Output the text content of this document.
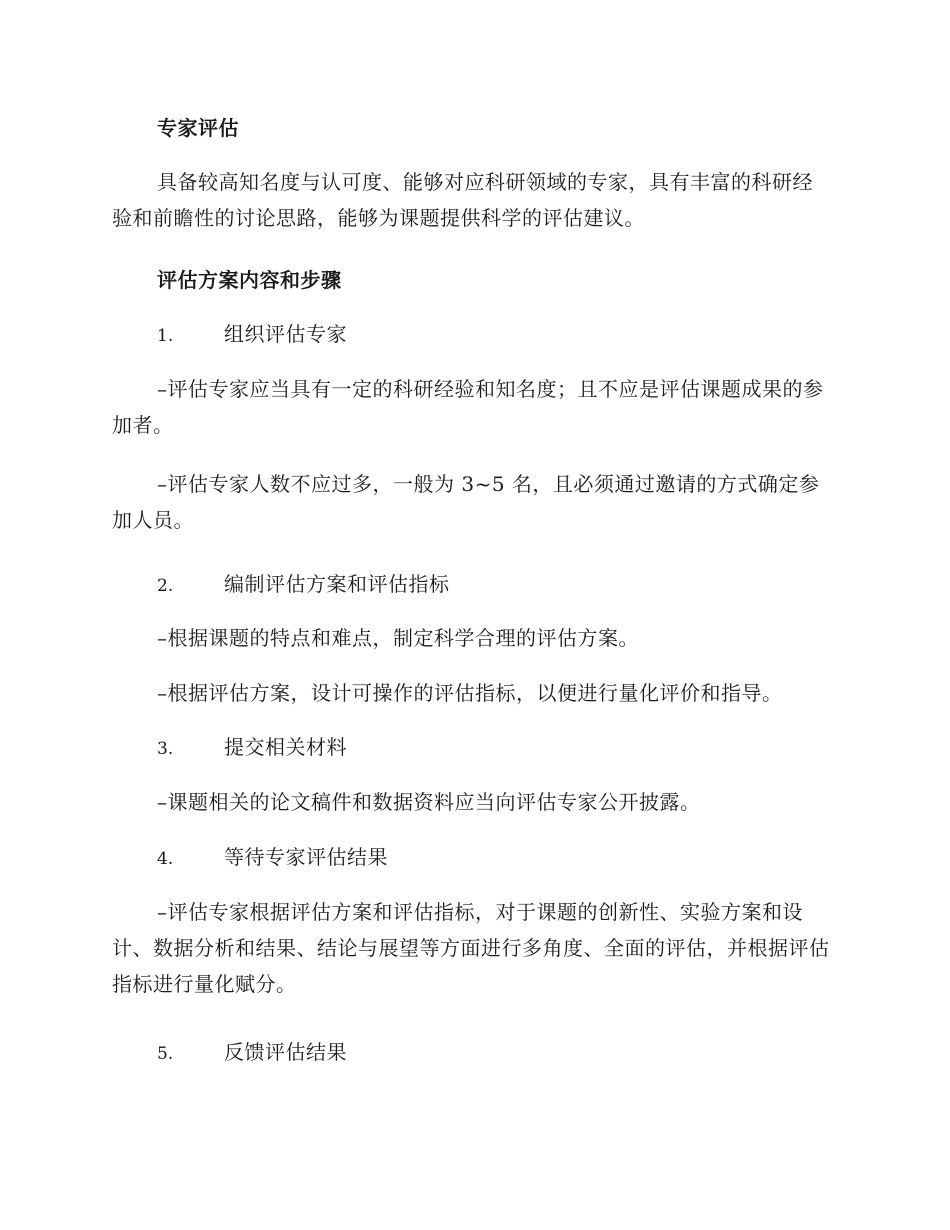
专家评估

具备较高知名度与认可度、能够对应科研领域的专家，具有丰富的科研经验和前瞻性的讨论思路，能够为课题提供科学的评估建议。

评估方案内容和步骤
1.	组织评估专家

–评估专家应当具有一定的科研经验和知名度；且不应是评估课题成果的参加者。

–评估专家人数不应过多，一般为 3~5 名，且必须通过邀请的方式确定参加人员。

2.	编制评估方案和评估指标

–根据课题的特点和难点，制定科学合理的评估方案。

–根据评估方案，设计可操作的评估指标，以便进行量化评价和指导。

3.	提交相关材料

–课题相关的论文稿件和数据资料应当向评估专家公开披露。

4.	等待专家评估结果

–评估专家根据评估方案和评估指标，对于课题的创新性、实验方案和设计、数据分析和结果、结论与展望等方面进行多角度、全面的评估，并根据评估指标进行量化赋分。

5.	反馈评估结果
